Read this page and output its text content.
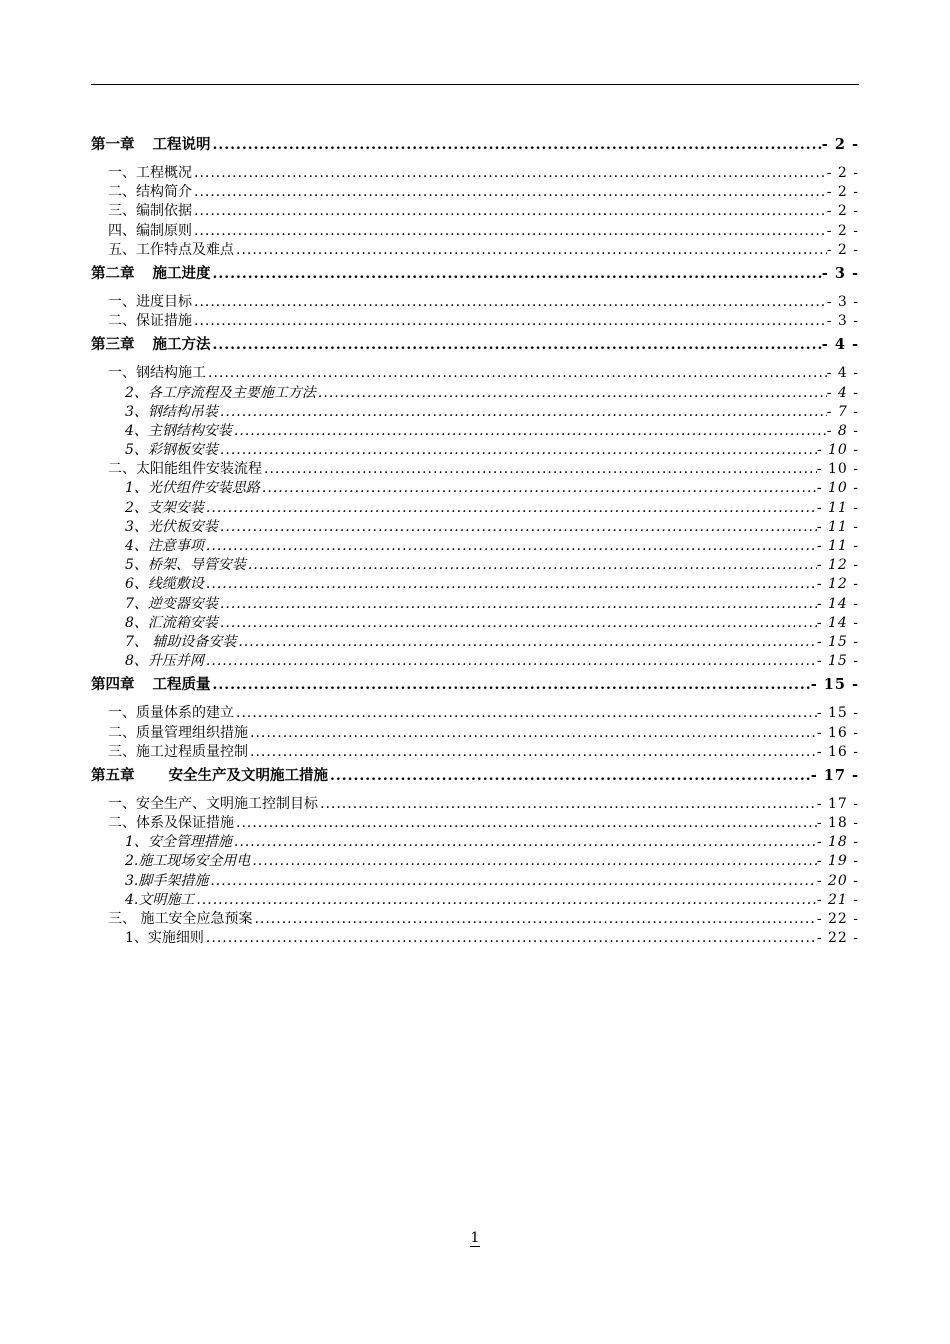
第一章 工程说明 .....	- 2 -
一、工程概况 .....	- 2 -
二、结构简介 .....	- 2 -
三、编制依据 .....	- 2 -
四、编制原则 .....	- 2 -
五、工作特点及难点 .....	- 2 -
第二章 施工进度 .....	- 3 -
一、进度目标 .....	- 3 -
二、保证措施 .....	- 3 -
第三章 施工方法 .....	- 4 -
一、钢结构施工 .....	- 4 -
2、各工序流程及主要施工方法 .....	- 4 -
3、钢结构吊装 .....	- 7 -
4、主钢结构安装 .....	- 8 -
5、彩钢板安装 .....	- 10 -
二、太阳能组件安装流程 .....	- 10 -
1、光伏组件安装思路 .....	- 10 -
2、支架安装 .....	- 11 -
3、光伏板安装 .....	- 11 -
4、注意事项 .....	- 11 -
5、桥架、导管安装 .....	- 12 -
6、线缆敷设 .....	- 12 -
7、逆变器安装 .....	- 14 -
8、汇流箱安装 .....	- 14 -
7、 辅助设备安装 .....	- 15 -
8、升压并网 .....	- 15 -
第四章 工程质量 .....	- 15 -
一、质量体系的建立 .....	- 15 -
二、质量管理组织措施 .....	- 16 -
三、施工过程质量控制 .....	- 16 -
第五章 安全生产及文明施工措施 .....	- 17 -
一、安全生产、文明施工控制目标 .....	- 17 -
二、体系及保证措施 .....	- 18 -
1、安全管理措施 .....	- 18 -
2.施工现场安全用电 .....	- 19 -
3.脚手架措施 .....	- 20 -
4.文明施工 .....	- 21 -
三、 施工安全应急预案 .....	- 22 -
1、实施细则 .....	- 22 -
1
